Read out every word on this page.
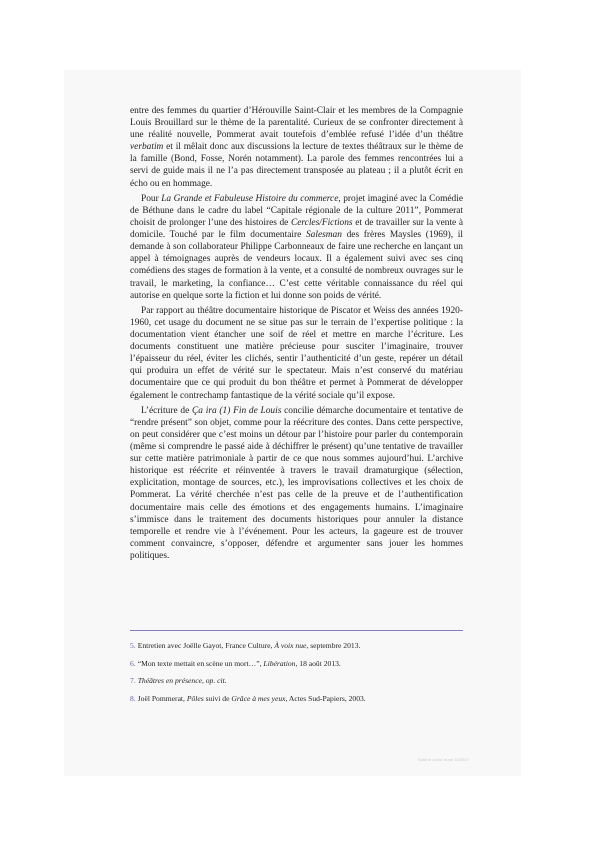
entre des femmes du quartier d’Hérouville Saint-Clair et les membres de la Compagnie Louis Brouillard sur le thème de la parentalité. Curieux de se confronter directement à une réalité nouvelle, Pommerat avait toutefois d’emblée refusé l’idée d’un théâtre verbatim et il mêlait donc aux discussions la lecture de textes théâtraux sur le thème de la famille (Bond, Fosse, Norén notamment). La parole des femmes rencontrées lui a servi de guide mais il ne l’a pas directement transposée au plateau ; il a plutôt écrit en écho ou en hommage.

Pour La Grande et Fabuleuse Histoire du commerce, projet imaginé avec la Comédie de Béthune dans le cadre du label “Capitale régionale de la culture 2011”, Pommerat choisit de prolonger l’une des histoires de Cercles/Fictions et de travailler sur la vente à domicile. Touché par le film documentaire Salesman des frères Maysles (1969), il demande à son collaborateur Philippe Carbonneaux de faire une recherche en lançant un appel à témoignages auprès de vendeurs locaux. Il a également suivi avec ses cinq comédiens des stages de formation à la vente, et a consulté de nombreux ouvrages sur le travail, le marketing, la confiance… C’est cette véritable connaissance du réel qui autorise en quelque sorte la fiction et lui donne son poids de vérité.

Par rapport au théâtre documentaire historique de Piscator et Weiss des années 1920-1960, cet usage du document ne se situe pas sur le terrain de l’expertise politique : la documentation vient étancher une soif de réel et mettre en marche l’écriture. Les documents constituent une matière précieuse pour susciter l’imaginaire, trouver l’épaisseur du réel, éviter les clichés, sentir l’authenticité d’un geste, repérer un détail qui produira un effet de vérité sur le spectateur. Mais n’est conservé du matériau documentaire que ce qui produit du bon théâtre et permet à Pommerat de développer également le contrechamp fantastique de la vérité sociale qu’il expose.

L’écriture de Ça ira (1) Fin de Louis concilie démarche documentaire et tentative de “rendre présent” son objet, comme pour la réécriture des contes. Dans cette perspective, on peut considérer que c’est moins un détour par l’histoire pour parler du contemporain (même si comprendre le passé aide à déchiffrer le présent) qu’une tentative de travailler sur cette matière patrimoniale à partir de ce que nous sommes aujourd’hui. L’archive historique est réécrite et réinventée à travers le travail dramaturgique (sélection, explicitation, montage de sources, etc.), les improvisations collectives et les choix de Pommerat. La vérité cherchée n’est pas celle de la preuve et de l’authentification documentaire mais celle des émotions et des engagements humains. L’imaginaire s’immisce dans le traitement des documents historiques pour annuler la distance temporelle et rendre vie à l’événement. Pour les acteurs, la gageure est de trouver comment convaincre, s’opposer, défendre et argumenter sans jouer les hommes politiques.

5. Entretien avec Joëlle Gayot, France Culture, À voix nue, septembre 2013.
6. “Mon texte mettait en scène un mort…”, Libération, 18 août 2013.
7. Théâtres en présence, op. cit.
8. Joël Pommerat, Pôles suivi de Grâce à mes yeux, Actes Sud-Papiers, 2003.
Édité le coeur d'une 10/2017
